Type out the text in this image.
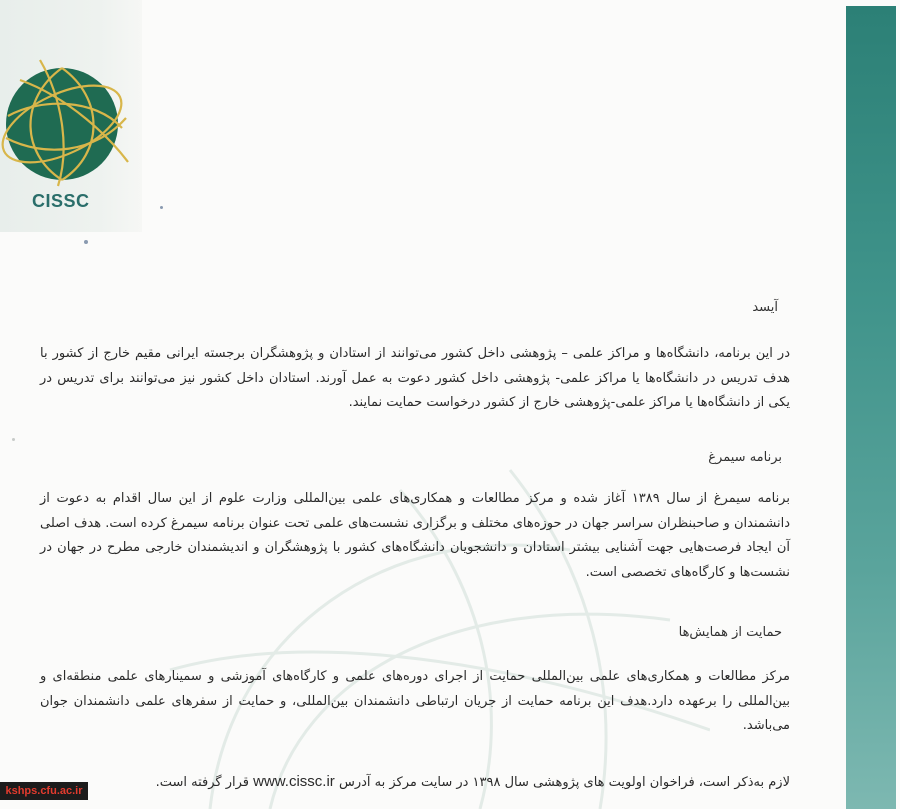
CISSC

آیسد

در این برنامه، دانشگاه‌ها و مراکز علمی – پژوهشی داخل کشور می‌توانند از استادان و پژوهشگران برجسته ایرانی مقیم خارج از کشور با هدف تدریس در دانشگاه‌ها یا مراکز علمی- پژوهشی داخل کشور دعوت به عمل آورند. استادان داخل کشور نیز می‌توانند برای تدریس در یکی از دانشگاه‌ها یا مراکز علمی-پژوهشی خارج از کشور درخواست حمایت نمایند.

برنامه سیمرغ

برنامه سیمرغ از سال ۱۳۸۹ آغاز شده و مرکز مطالعات و همکاری‌های علمی بین‌المللی وزارت علوم از این سال اقدام به دعوت از دانشمندان و صاحبنظران سراسر جهان در حوزه‌های مختلف و برگزاری نشست‌های علمی تحت عنوان برنامه سیمرغ کرده است. هدف اصلی آن ایجاد فرصت‌هایی جهت آشنایی بیشتر استادان و دانشجویان دانشگاه‌های کشور با پژوهشگران و اندیشمندان خارجی مطرح در جهان در نشست‌ها و کارگاه‌های تخصصی است.

حمایت از همایش‌ها

مرکز مطالعات و همکاری‌های علمی بین‌المللی حمایت از اجرای دوره‌های علمی و کارگاه‌های آموزشی و سمینارهای علمی منطقه‌ای و بین‌المللی را برعهده دارد.هدف این برنامه حمایت از جریان ارتباطی دانشمندان بین‌المللی، و حمایت از سفرهای علمی دانشمندان جوان می‌باشد.

لازم به‌ذکر است، فراخوان اولویت های پژوهشی سال ۱۳۹۸ در سایت مرکز به آدرس www.cissc.ir قرار گرفته است.

kshps.cfu.ac.ir
